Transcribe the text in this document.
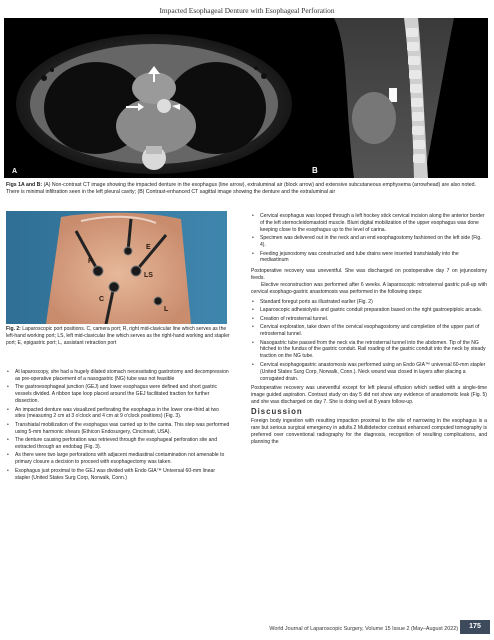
Impacted Esophageal Denture with Esophageal Perforation
A	B
Figs 1A and B: (A) Non-contrast CT image showing the impacted denture in the esophagus (line arrow), extraluminal air (block arrow) and extensive subcutaneous emphysema (arrowhead) are also noted. There is minimal infiltration seen in the left pleural cavity; (B) Contrast-enhanced CT sagittal image showing the denture and the extraluminal air
E
R
C
LS
L
Fig. 2: Laparoscopic port positions. C, camera port; R, right mid-clavicular line which serves as the left-hand working port; LS, left mid-clavicular line which serves as the right-hand working and stapler port; E, epigastric port; L, assistant retraction port
• At laparoscopy, she had a hugely dilated stomach necessitating gastrotomy and decompression as pre-operative placement of a nasogastric (NG) tube was not feasible
• The gastroesophageal junction (GEJ) and lower esophagus were defined and short gastric vessels divided. A ribbon tape loop placed around the GEJ facilitated traction for further dissection.
• An impacted denture was visualized perforating the esophagus in the lower one-third at two sites (measuring 2 cm at 3 o'clock and 4 cm at 9 o'clock positions) (Fig. 3).
• Transhiatal mobilization of the esophagus was carried up to the carina. This step was performed using 5-mm harmonic shears (Ethicon Endosurgery, Cincinnati, USA).
• The denture causing perforation was retrieved through the esophageal perforation site and extracted through an endobag (Fig. 3).
• As there were two large perforations with adjacent mediastinal contamination not amenable to primary closure a decision to proceed with esophagectomy was taken.
• Esophagus just proximal to the GEJ was divided with Endo GIA™ Universal 60-mm linear stapler (United States Surg Corp, Norwalk, Conn.)
• Cervical esophagus was looped through a left hockey stick cervical incision along the anterior border of the left sternocleidomastoid muscle. Blunt digital mobilization of the upper esophagus was done keeping close to the esophagus up to the level of carina.
• Specimen was delivered out in the neck and an end esophagostomy fashioned on the left side (Fig. 4).
• Feeding jejunostomy was constructed and tube drains were inserted transhiatally into the mediastinum

Postoperative recovery was uneventful. She was discharged on postoperative day 7 on jejunostomy feeds.

Elective reconstruction was performed after 6 weeks. A laparoscopic retrosternal gastric pull-up with cervical esophago-gastric anastomosis was performed in the following steps:

• Standard foregut ports as illustrated earlier (Fig. 2)
• Laparoscopic adhesiolysis and gastric conduit preparation based on the right gastroepiploic arcade.
• Creation of retrosternal tunnel.
• Cervical exploration, take down of the cervical esophagostomy and completion of the upper part of retrosternal tunnel.
• Nasogastric tube passed from the neck via the retrosternal tunnel into the abdomen. Tip of the NG hitched to the fundus of the gastric conduit. Rail roading of the gastric conduit into the neck by steady traction on the NG tube.
• Cervical esophagogastric anastomosis was performed using an Endo GIA™ universal 60-mm stapler (United States Surg Corp, Norwalk, Conn.). Neck wound was closed in layers after placing a corrugated drain.

Postoperative recovery was uneventful except for left pleural effusion which settled with a single-time image guided aspiration. Contrast study on day 5 did not show any evidence of anastomotic leak (Fig. 5) and she was discharged on day 7. She is doing well at 8 years follow-up.

Discussion

Foreign body ingestion with resulting impaction proximal to the site of narrowing in the esophagus is a rare but serious surgical emergency in adults.2 Multidetector contrast enhanced computed tomography is preferred over conventional radiography for the diagnosis, recognition of resulting complications, and planning the

World Journal of Laparoscopic Surgery, Volume 15 Issue 2 (May–August 2022)	175
